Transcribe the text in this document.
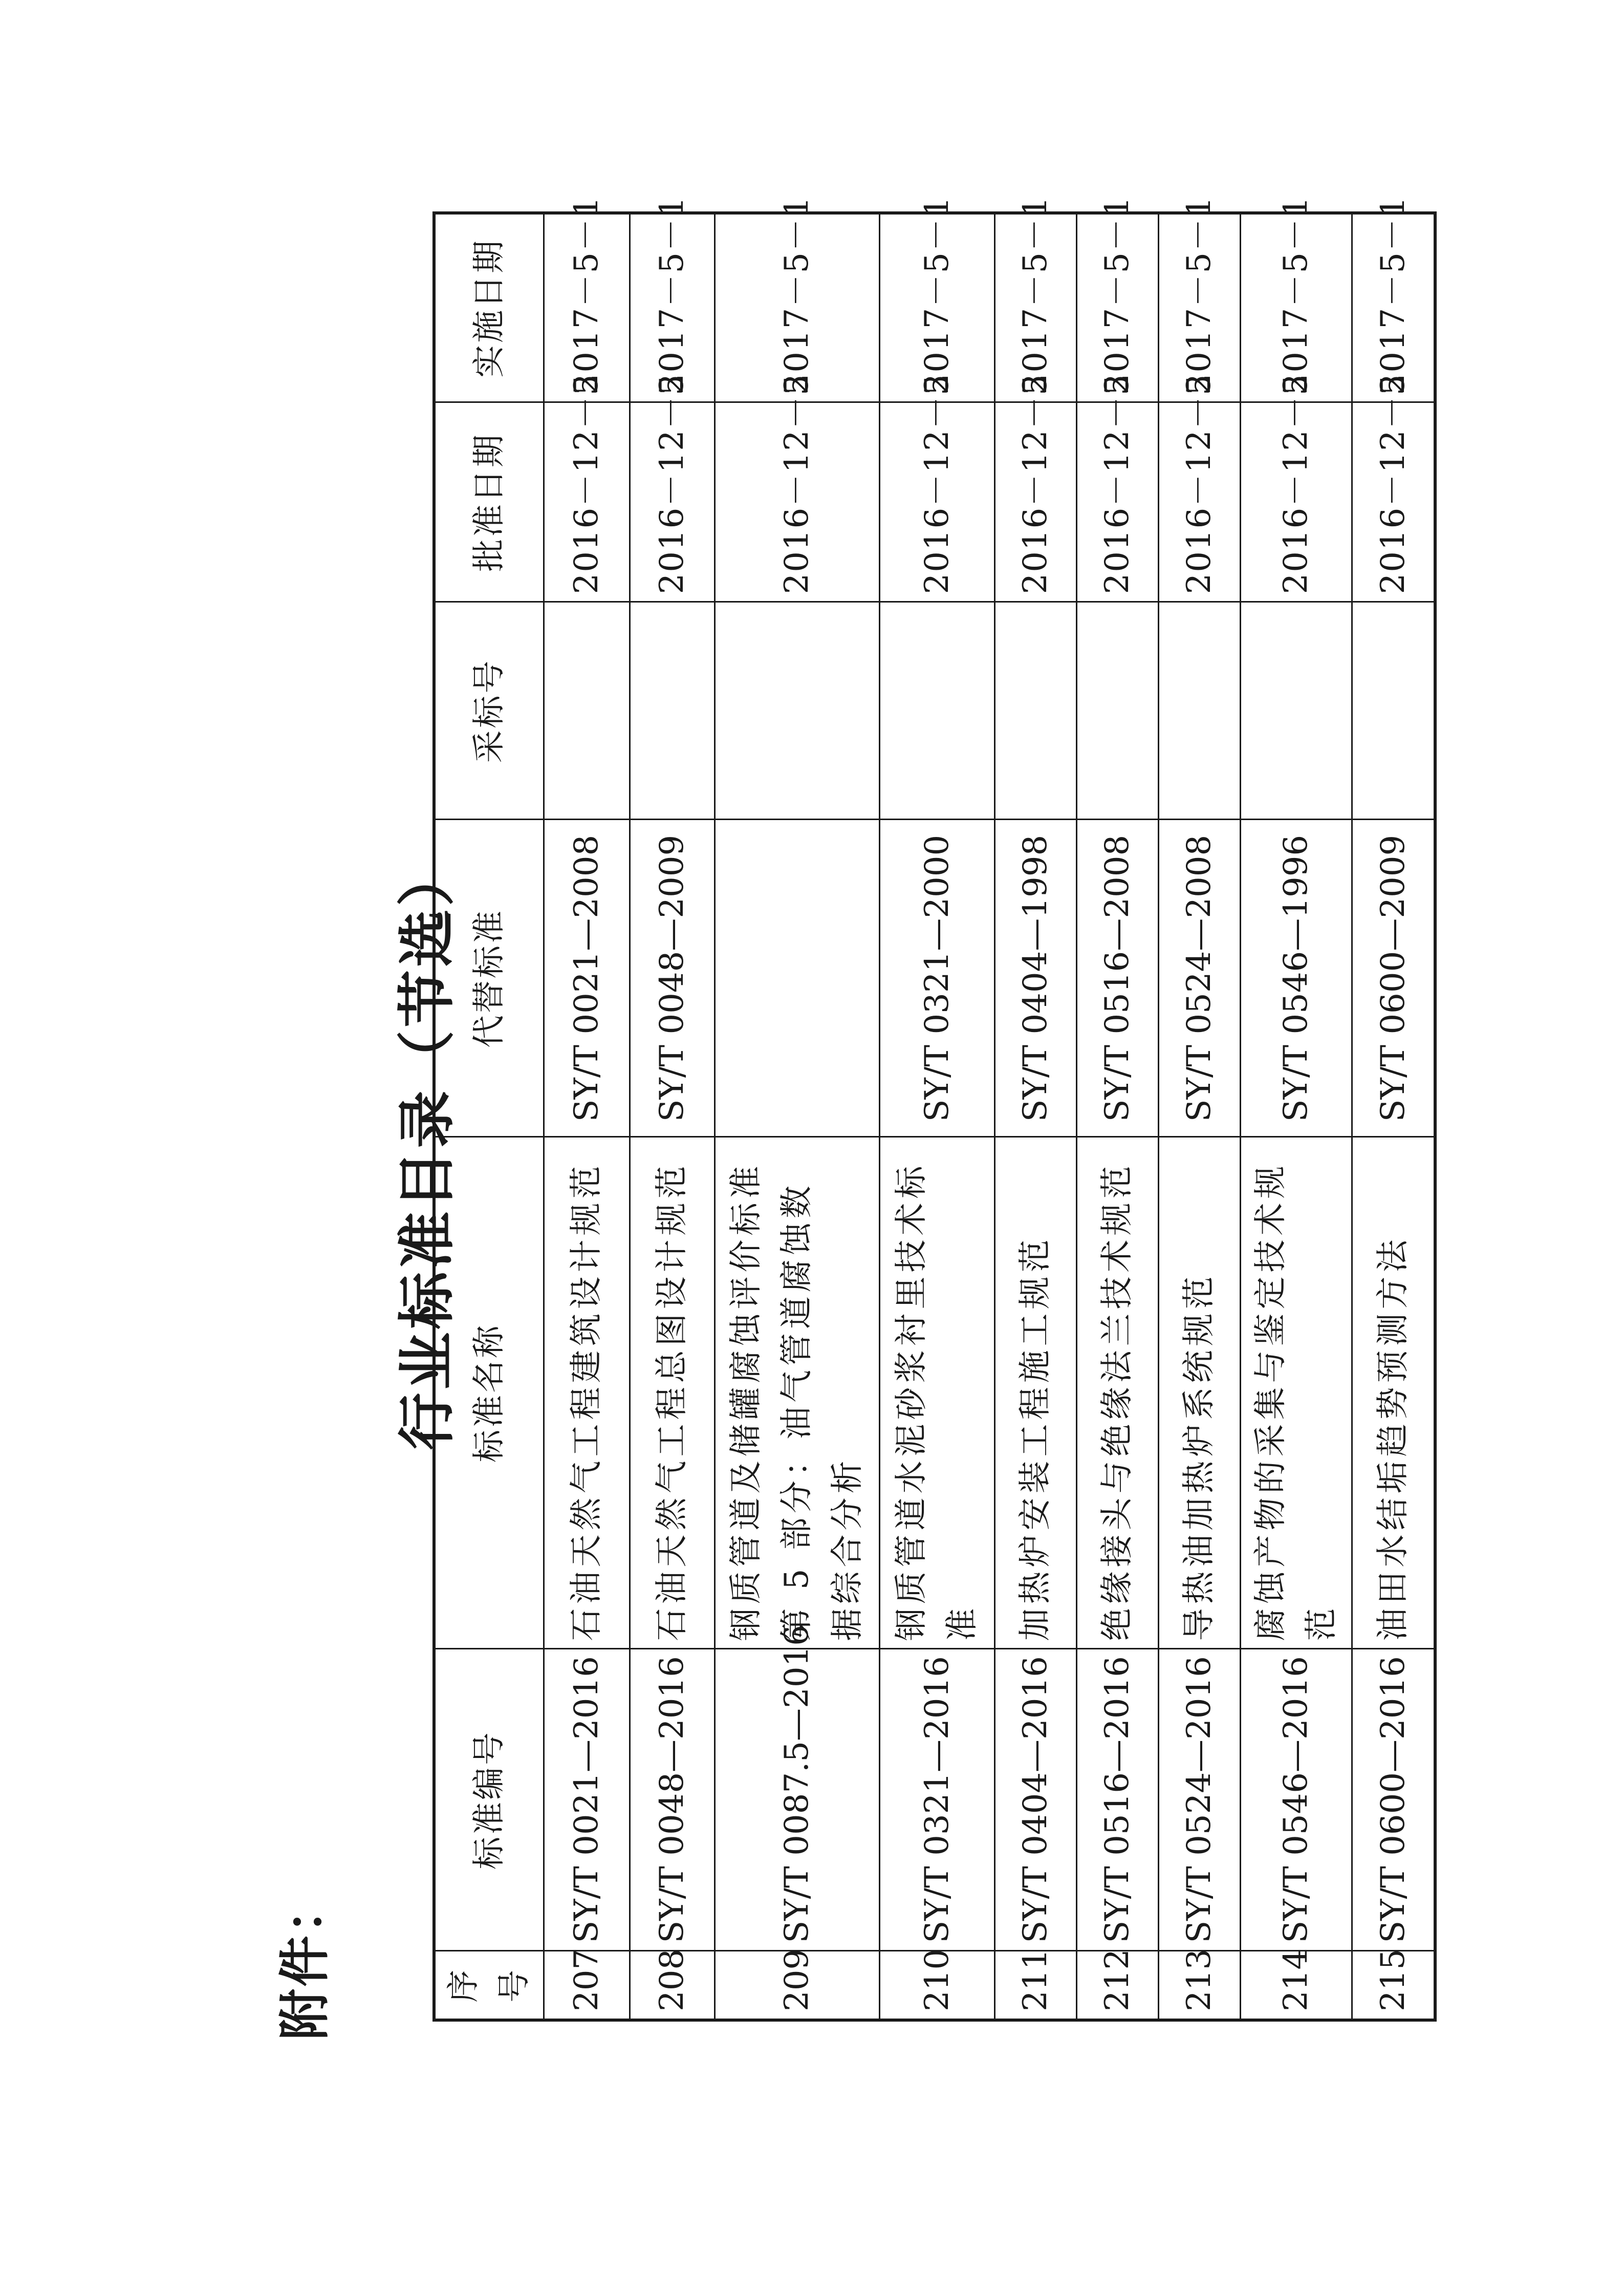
附件：
行业标准目录（节选）
序号	标准编号	标准名称	代替标准	采标号	批准日期	实施日期
207	SY/T 0021—2016	石油天然气工程建筑设计规范	SY/T 0021—2008		2016－12－5	2017－5－1
208	SY/T 0048—2016	石油天然气工程总图设计规范	SY/T 0048—2009		2016－12－5	2017－5－1
209	SY/T 0087.5—2016	钢质管道及储罐腐蚀评价标准　第 5 部分：油气管道腐蚀数据综合分析			2016－12－5	2017－5－1
210	SY/T 0321—2016	钢质管道水泥砂浆衬里技术标准	SY/T 0321—2000		2016－12－5	2017－5－1
211	SY/T 0404—2016	加热炉安装工程施工规范	SY/T 0404—1998		2016－12－5	2017－5－1
212	SY/T 0516—2016	绝缘接头与绝缘法兰技术规范	SY/T 0516—2008		2016－12－5	2017－5－1
213	SY/T 0524—2016	导热油加热炉系统规范	SY/T 0524—2008		2016－12－5	2017－5－1
214	SY/T 0546—2016	腐蚀产物的采集与鉴定技术规范	SY/T 0546—1996		2016－12－5	2017－5－1
215	SY/T 0600—2016	油田水结垢趋势预测方法	SY/T 0600—2009		2016－12－5	2017－5－1
